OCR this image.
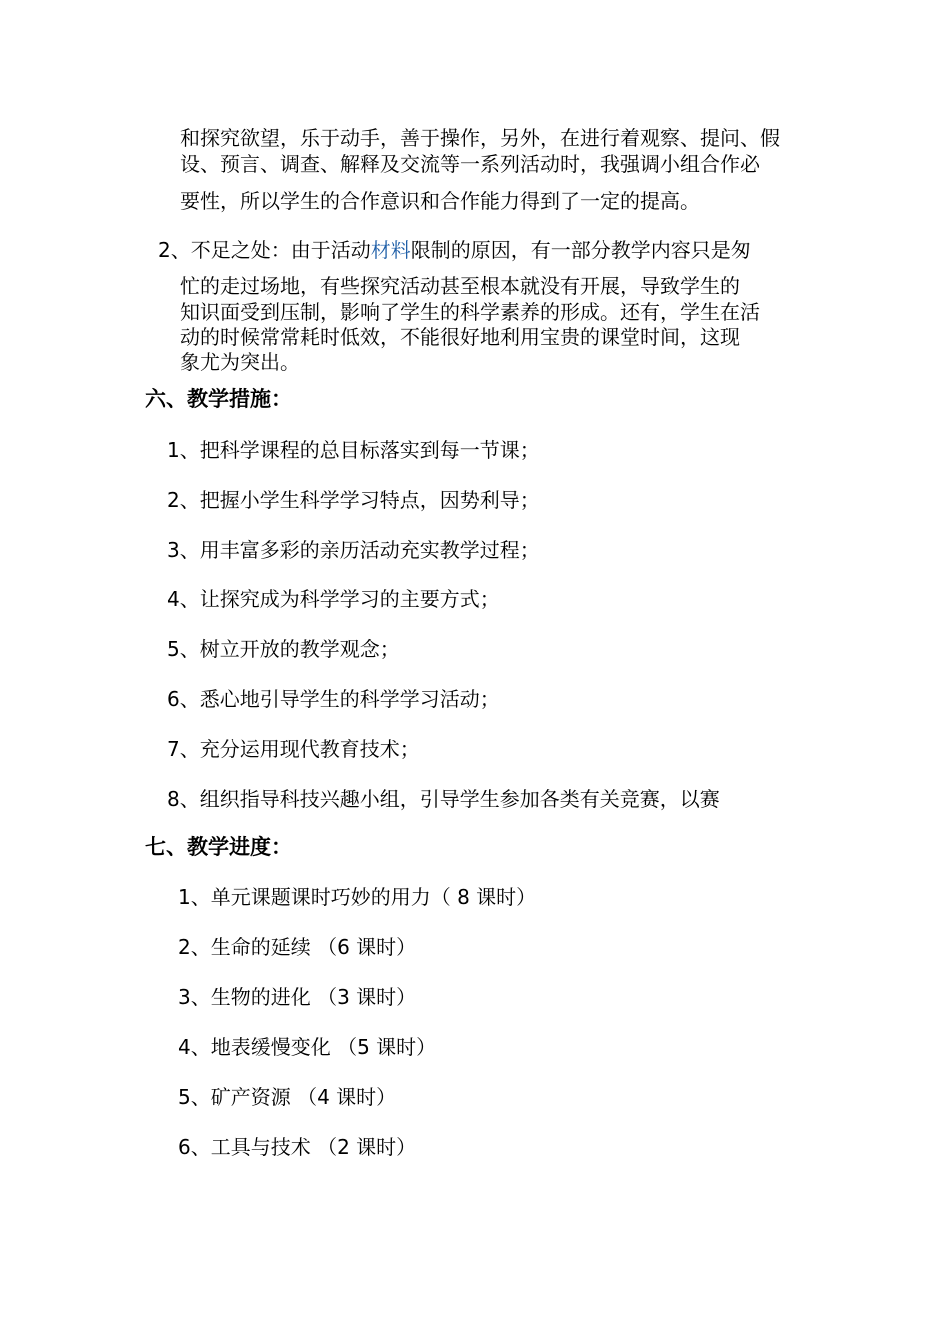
和探究欲望，乐于动手，善于操作，另外，在进行着观察、提问、假
设、预言、调查、解释及交流等一系列活动时，我强调小组合作必
要性，所以学生的合作意识和合作能力得到了一定的提高。
2、不足之处：由于活动材料限制的原因，有一部分教学内容只是匆
忙的走过场地，有些探究活动甚至根本就没有开展，导致学生的
知识面受到压制，影响了学生的科学素养的形成。还有，学生在活
动的时候常常耗时低效，不能很好地利用宝贵的课堂时间，这现
象尤为突出。
六、教学措施：
1、把科学课程的总目标落实到每一节课；
2、把握小学生科学学习特点，因势利导；
3、用丰富多彩的亲历活动充实教学过程；
4、让探究成为科学学习的主要方式；
5、树立开放的教学观念；
6、悉心地引导学生的科学学习活动；
7、充分运用现代教育技术；
8、组织指导科技兴趣小组，引导学生参加各类有关竞赛，以赛
七、教学进度：
1、单元课题课时巧妙的用力（ 8 课时）
2、生命的延续 （6 课时）
3、生物的进化 （3 课时）
4、地表缓慢变化 （5 课时）
5、矿产资源 （4 课时）
6、工具与技术 （2 课时）
